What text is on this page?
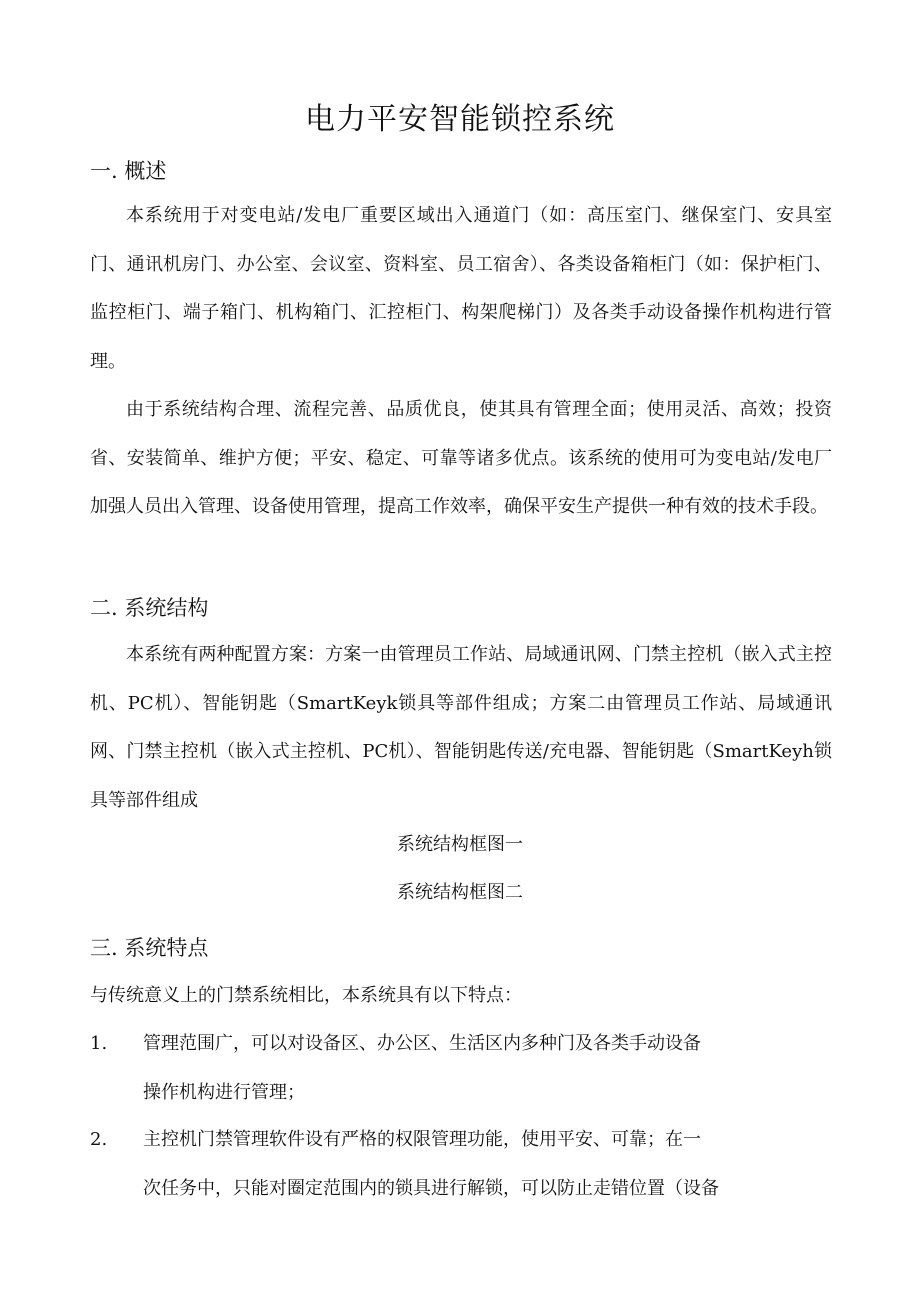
电力平安智能锁控系统
一. 概述

本系统用于对变电站/发电厂重要区域出入通道门（如：高压室门、继保室门、安具室门、通讯机房门、办公室、会议室、资料室、员工宿舍）、各类设备箱柜门（如：保护柜门、监控柜门、端子箱门、机构箱门、汇控柜门、构架爬梯门）及各类手动设备操作机构进行管理。

由于系统结构合理、流程完善、品质优良，使其具有管理全面；使用灵活、高效；投资省、安装简单、维护方便；平安、稳定、可靠等诸多优点。该系统的使用可为变电站/发电厂加强人员出入管理、设备使用管理，提高工作效率，确保平安生产提供一种有效的技术手段。

二. 系统结构

本系统有两种配置方案：方案一由管理员工作站、局域通讯网、门禁主控机（嵌入式主控机、PC机）、智能钥匙（SmartKeyk锁具等部件组成；方案二由管理员工作站、局域通讯网、门禁主控机（嵌入式主控机、PC机）、智能钥匙传送/充电器、智能钥匙（SmartKeyh锁具等部件组成

系统结构框图一

系统结构框图二

三. 系统特点

与传统意义上的门禁系统相比，本系统具有以下特点：

1. 管理范围广，可以对设备区、办公区、生活区内多种门及各类手动设备
操作机构进行管理；
2. 主控机门禁管理软件设有严格的权限管理功能，使用平安、可靠；在一
次任务中，只能对圈定范围内的锁具进行解锁，可以防止走错位置（设备
